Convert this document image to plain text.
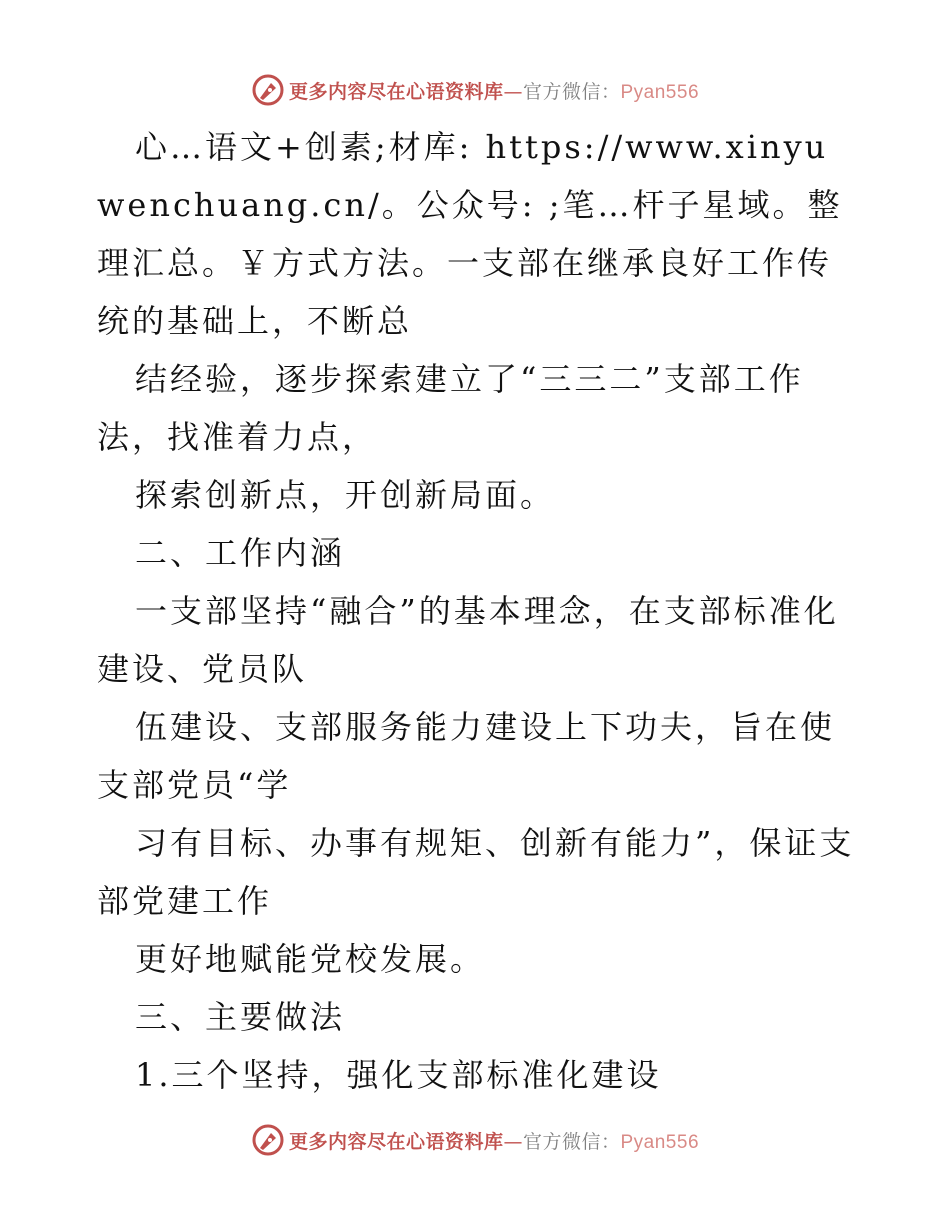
更多内容尽在心语资料库—官方微信：Pyan556

心…语文+创素;材库: https://www.xinyuwenchuang.cn/。公众号: ;笔…杆子星域。整理汇总。￥方式方法。一支部在继承良好工作传统的基础上，不断总

结经验，逐步探索建立了“三三二”支部工作法，找准着力点，

探索创新点，开创新局面。

二、工作内涵

一支部坚持“融合”的基本理念，在支部标准化建设、党员队

伍建设、支部服务能力建设上下功夫，旨在使支部党员“学

习有目标、办事有规矩、创新有能力”，保证支部党建工作

更好地赋能党校发展。

三、主要做法

1.三个坚持，强化支部标准化建设

更多内容尽在心语资料库—官方微信：Pyan556
